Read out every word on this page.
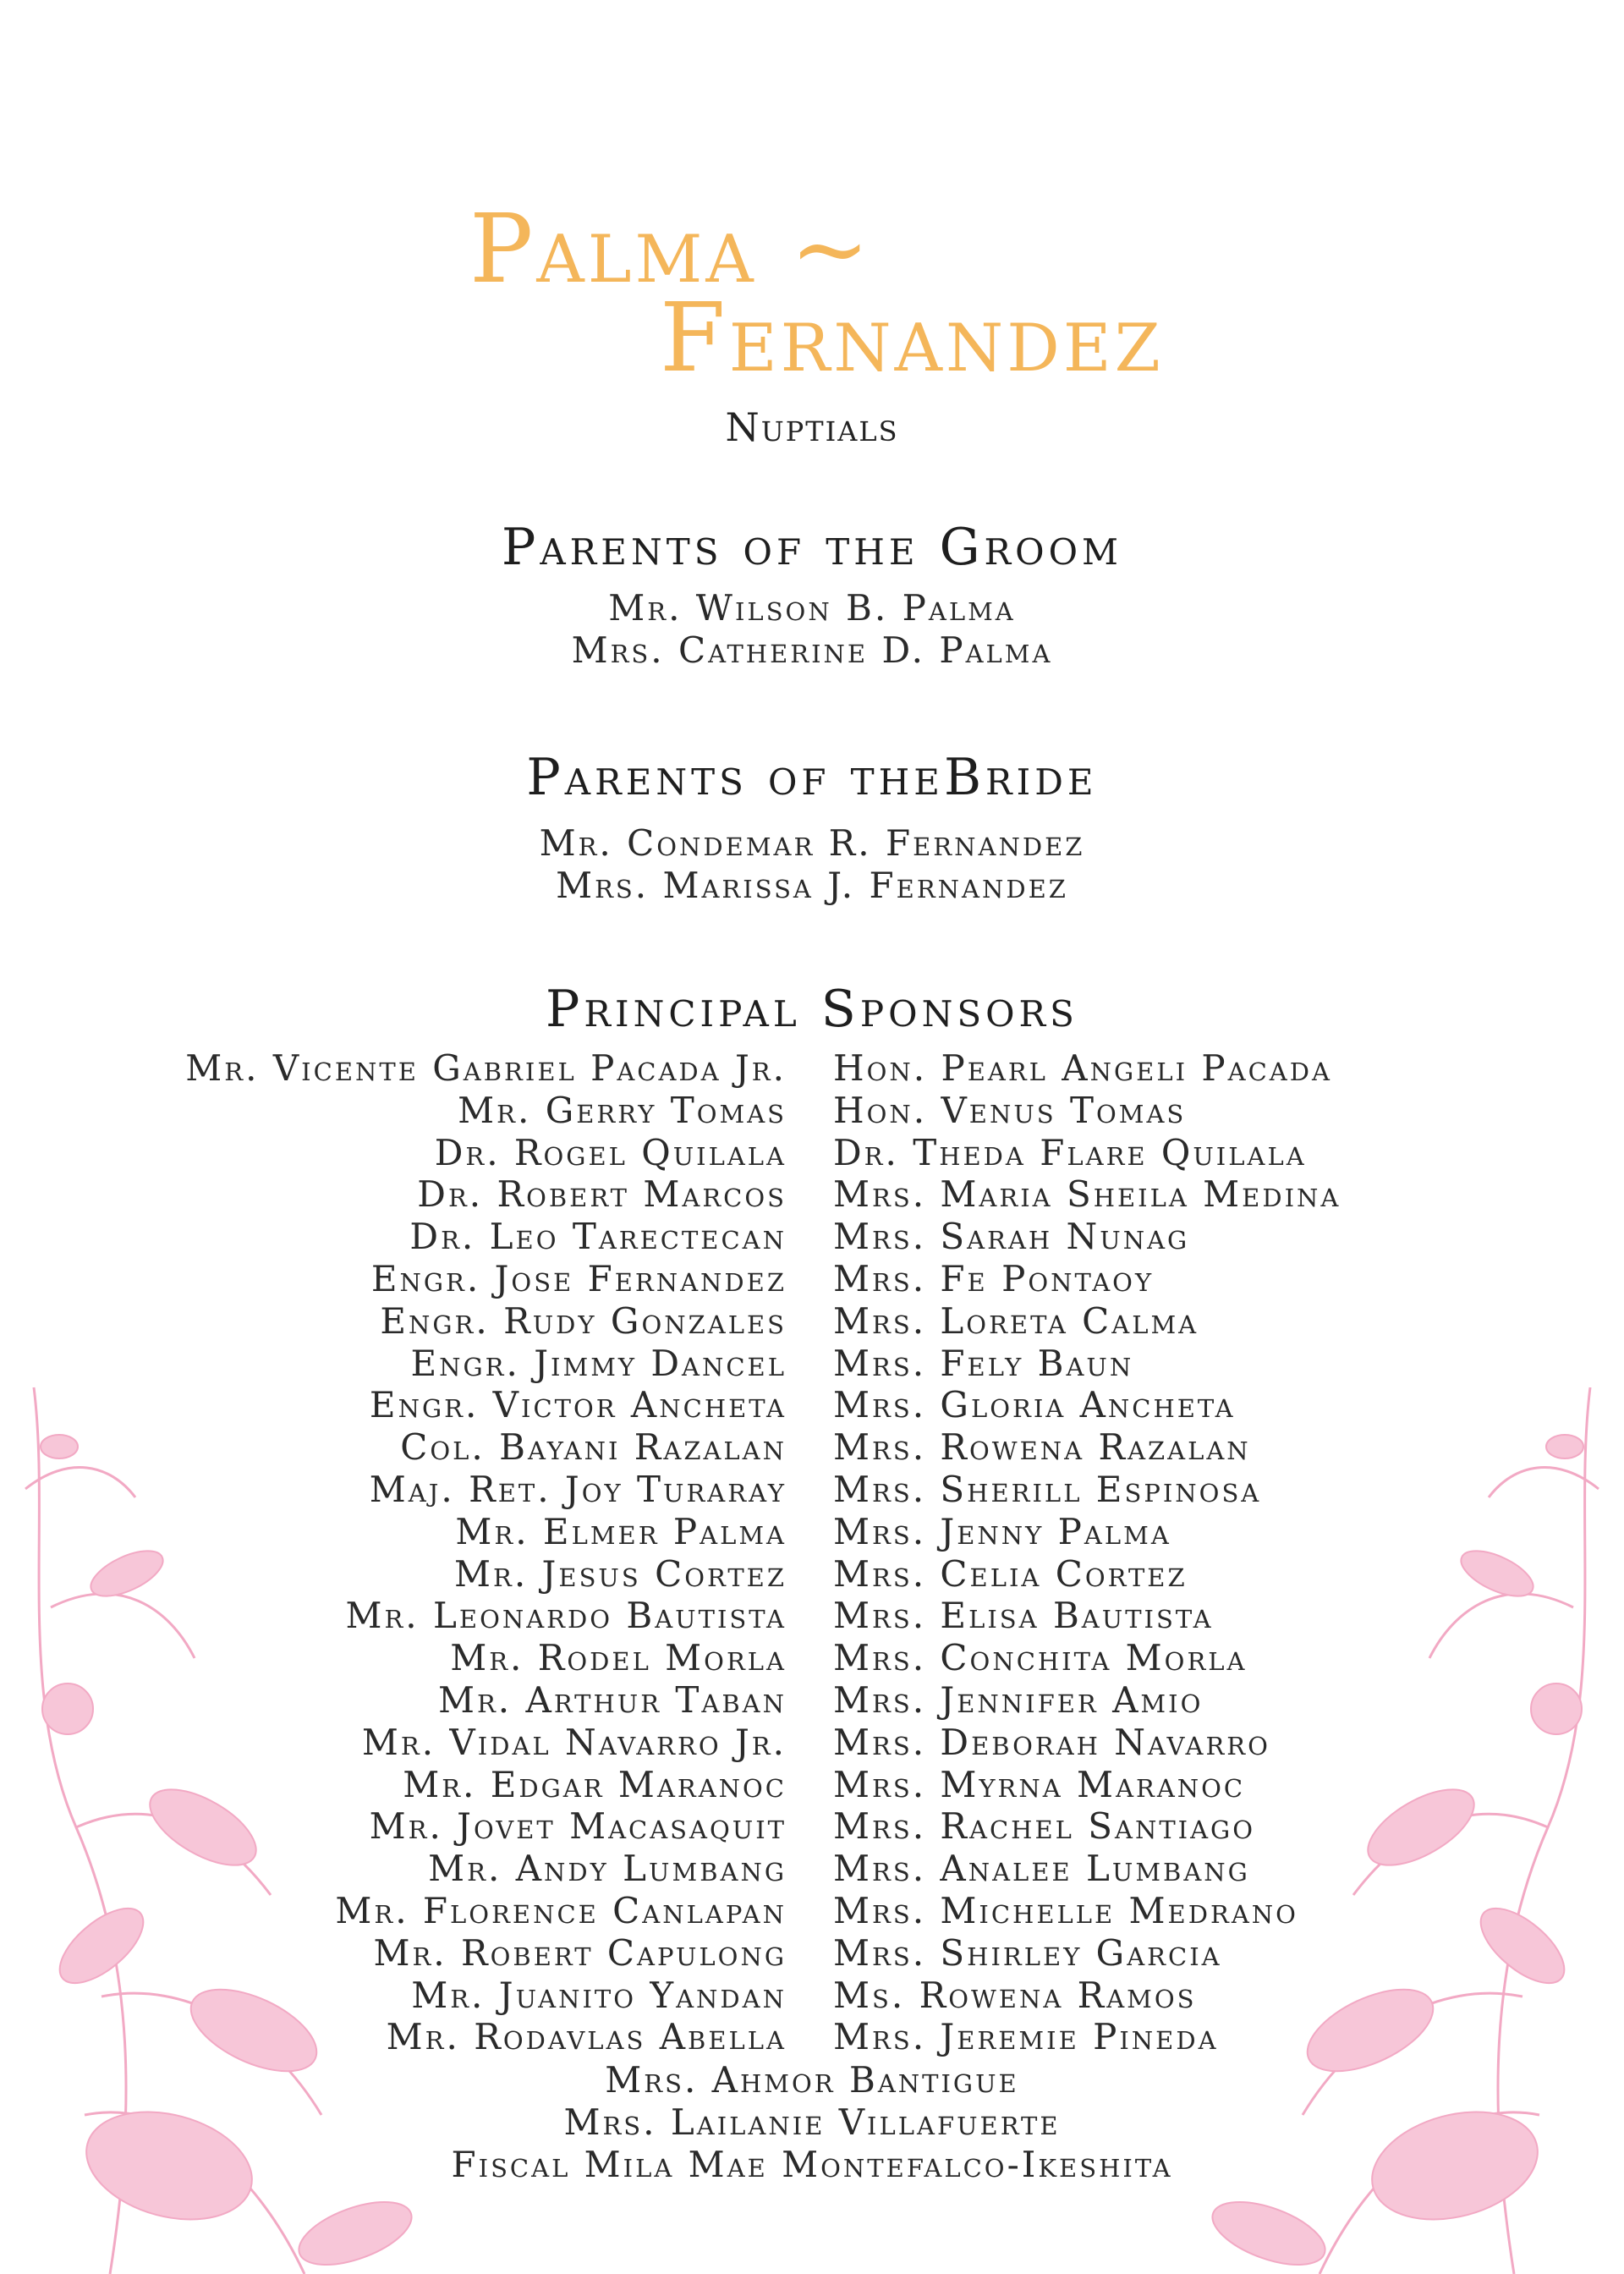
Palma ~
Fernandez
Nuptials
Parents of the Groom
Mr. Wilson B. Palma
Mrs. Catherine D. Palma
Parents of theBride
Mr. Condemar R. Fernandez
Mrs. Marissa J. Fernandez
Principal Sponsors
Mr. Vicente Gabriel Pacada Jr. Hon. Pearl Angeli Pacada
Mr. Gerry Tomas Hon. Venus Tomas
Dr. Rogel Quilala Dr. Theda Flare Quilala
Dr. Robert Marcos Mrs. Maria Sheila Medina
Dr. Leo Tarectecan Mrs. Sarah Nunag
Engr. Jose Fernandez Mrs. Fe Pontaoy
Engr. Rudy Gonzales Mrs. Loreta Calma
Engr. Jimmy Dancel Mrs. Fely Baun
Engr. Victor Ancheta Mrs. Gloria Ancheta
Col. Bayani Razalan Mrs. Rowena Razalan
Maj. Ret. Joy Turaray Mrs. Sherill Espinosa
Mr. Elmer Palma Mrs. Jenny Palma
Mr. Jesus Cortez Mrs. Celia Cortez
Mr. Leonardo Bautista Mrs. Elisa Bautista
Mr. Rodel Morla Mrs. Conchita Morla
Mr. Arthur Taban Mrs. Jennifer Amio
Mr. Vidal Navarro Jr. Mrs. Deborah Navarro
Mr. Edgar Maranoc Mrs. Myrna Maranoc
Mr. Jovet Macasaquit Mrs. Rachel Santiago
Mr. Andy Lumbang Mrs. Analee Lumbang
Mr. Florence Canlapan Mrs. Michelle Medrano
Mr. Robert Capulong Mrs. Shirley Garcia
Mr. Juanito Yandan Ms. Rowena Ramos
Mr. Rodavlas Abella Mrs. Jeremie Pineda
Mrs. Ahmor Bantigue
Mrs. Lailanie Villafuerte
Fiscal Mila Mae Montefalco-Ikeshita
